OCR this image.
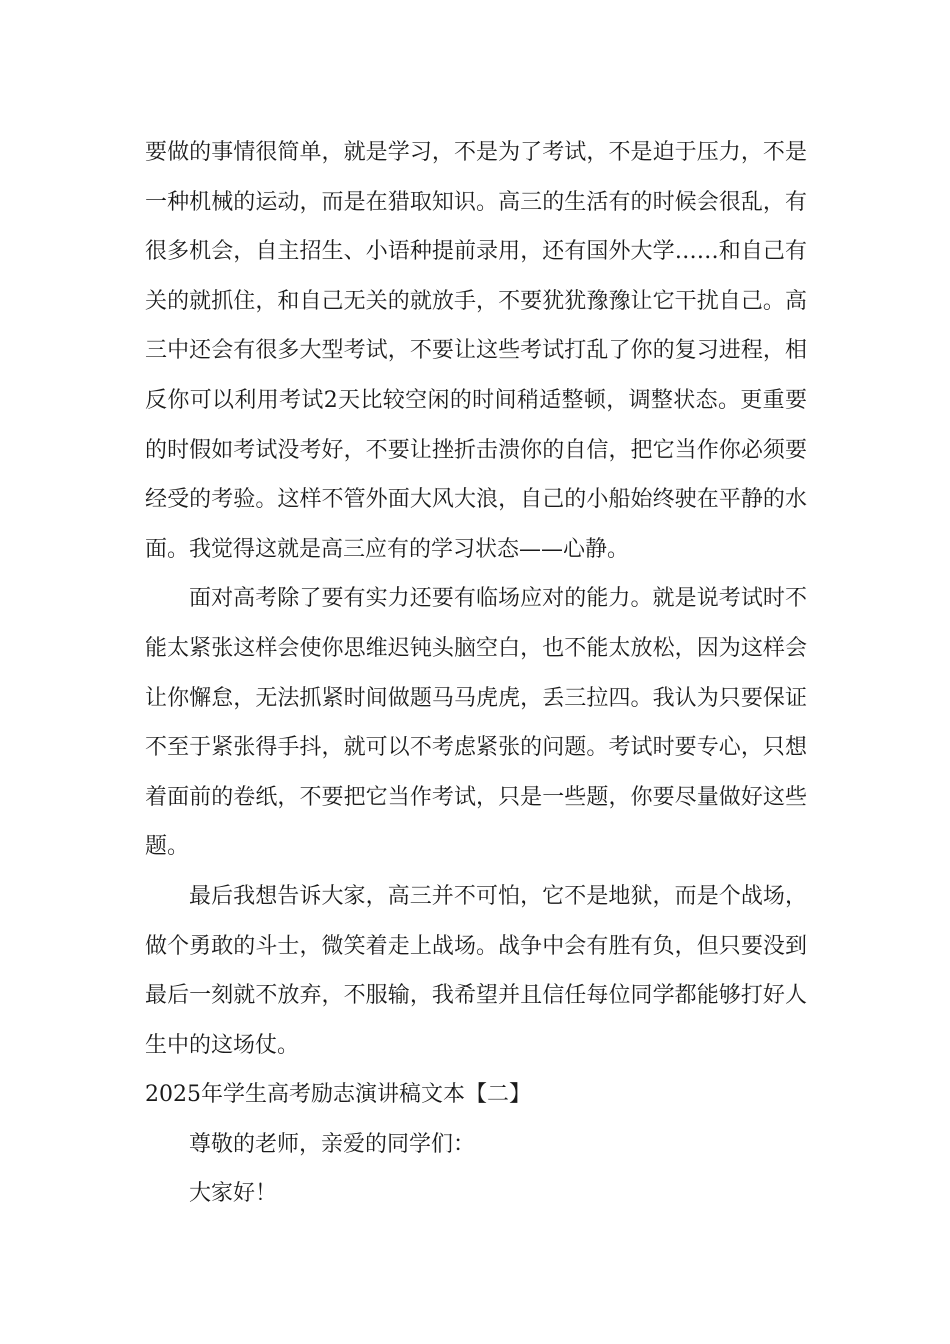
要做的事情很简单，就是学习，不是为了考试，不是迫于压力，不是一种机械的运动，而是在猎取知识。高三的生活有的时候会很乱，有很多机会，自主招生、小语种提前录用，还有国外大学……和自己有关的就抓住，和自己无关的就放手，不要犹犹豫豫让它干扰自己。高三中还会有很多大型考试，不要让这些考试打乱了你的复习进程，相反你可以利用考试2天比较空闲的时间稍适整顿，调整状态。更重要的时假如考试没考好，不要让挫折击溃你的自信，把它当作你必须要经受的考验。这样不管外面大风大浪，自己的小船始终驶在平静的水面。我觉得这就是高三应有的学习状态——心静。

面对高考除了要有实力还要有临场应对的能力。就是说考试时不能太紧张这样会使你思维迟钝头脑空白，也不能太放松，因为这样会让你懈怠，无法抓紧时间做题马马虎虎，丢三拉四。我认为只要保证不至于紧张得手抖，就可以不考虑紧张的问题。考试时要专心，只想着面前的卷纸，不要把它当作考试，只是一些题，你要尽量做好这些题。

最后我想告诉大家，高三并不可怕，它不是地狱，而是个战场，做个勇敢的斗士，微笑着走上战场。战争中会有胜有负，但只要没到最后一刻就不放弃，不服输，我希望并且信任每位同学都能够打好人生中的这场仗。

2025年学生高考励志演讲稿文本【二】

尊敬的老师，亲爱的同学们：

大家好！
